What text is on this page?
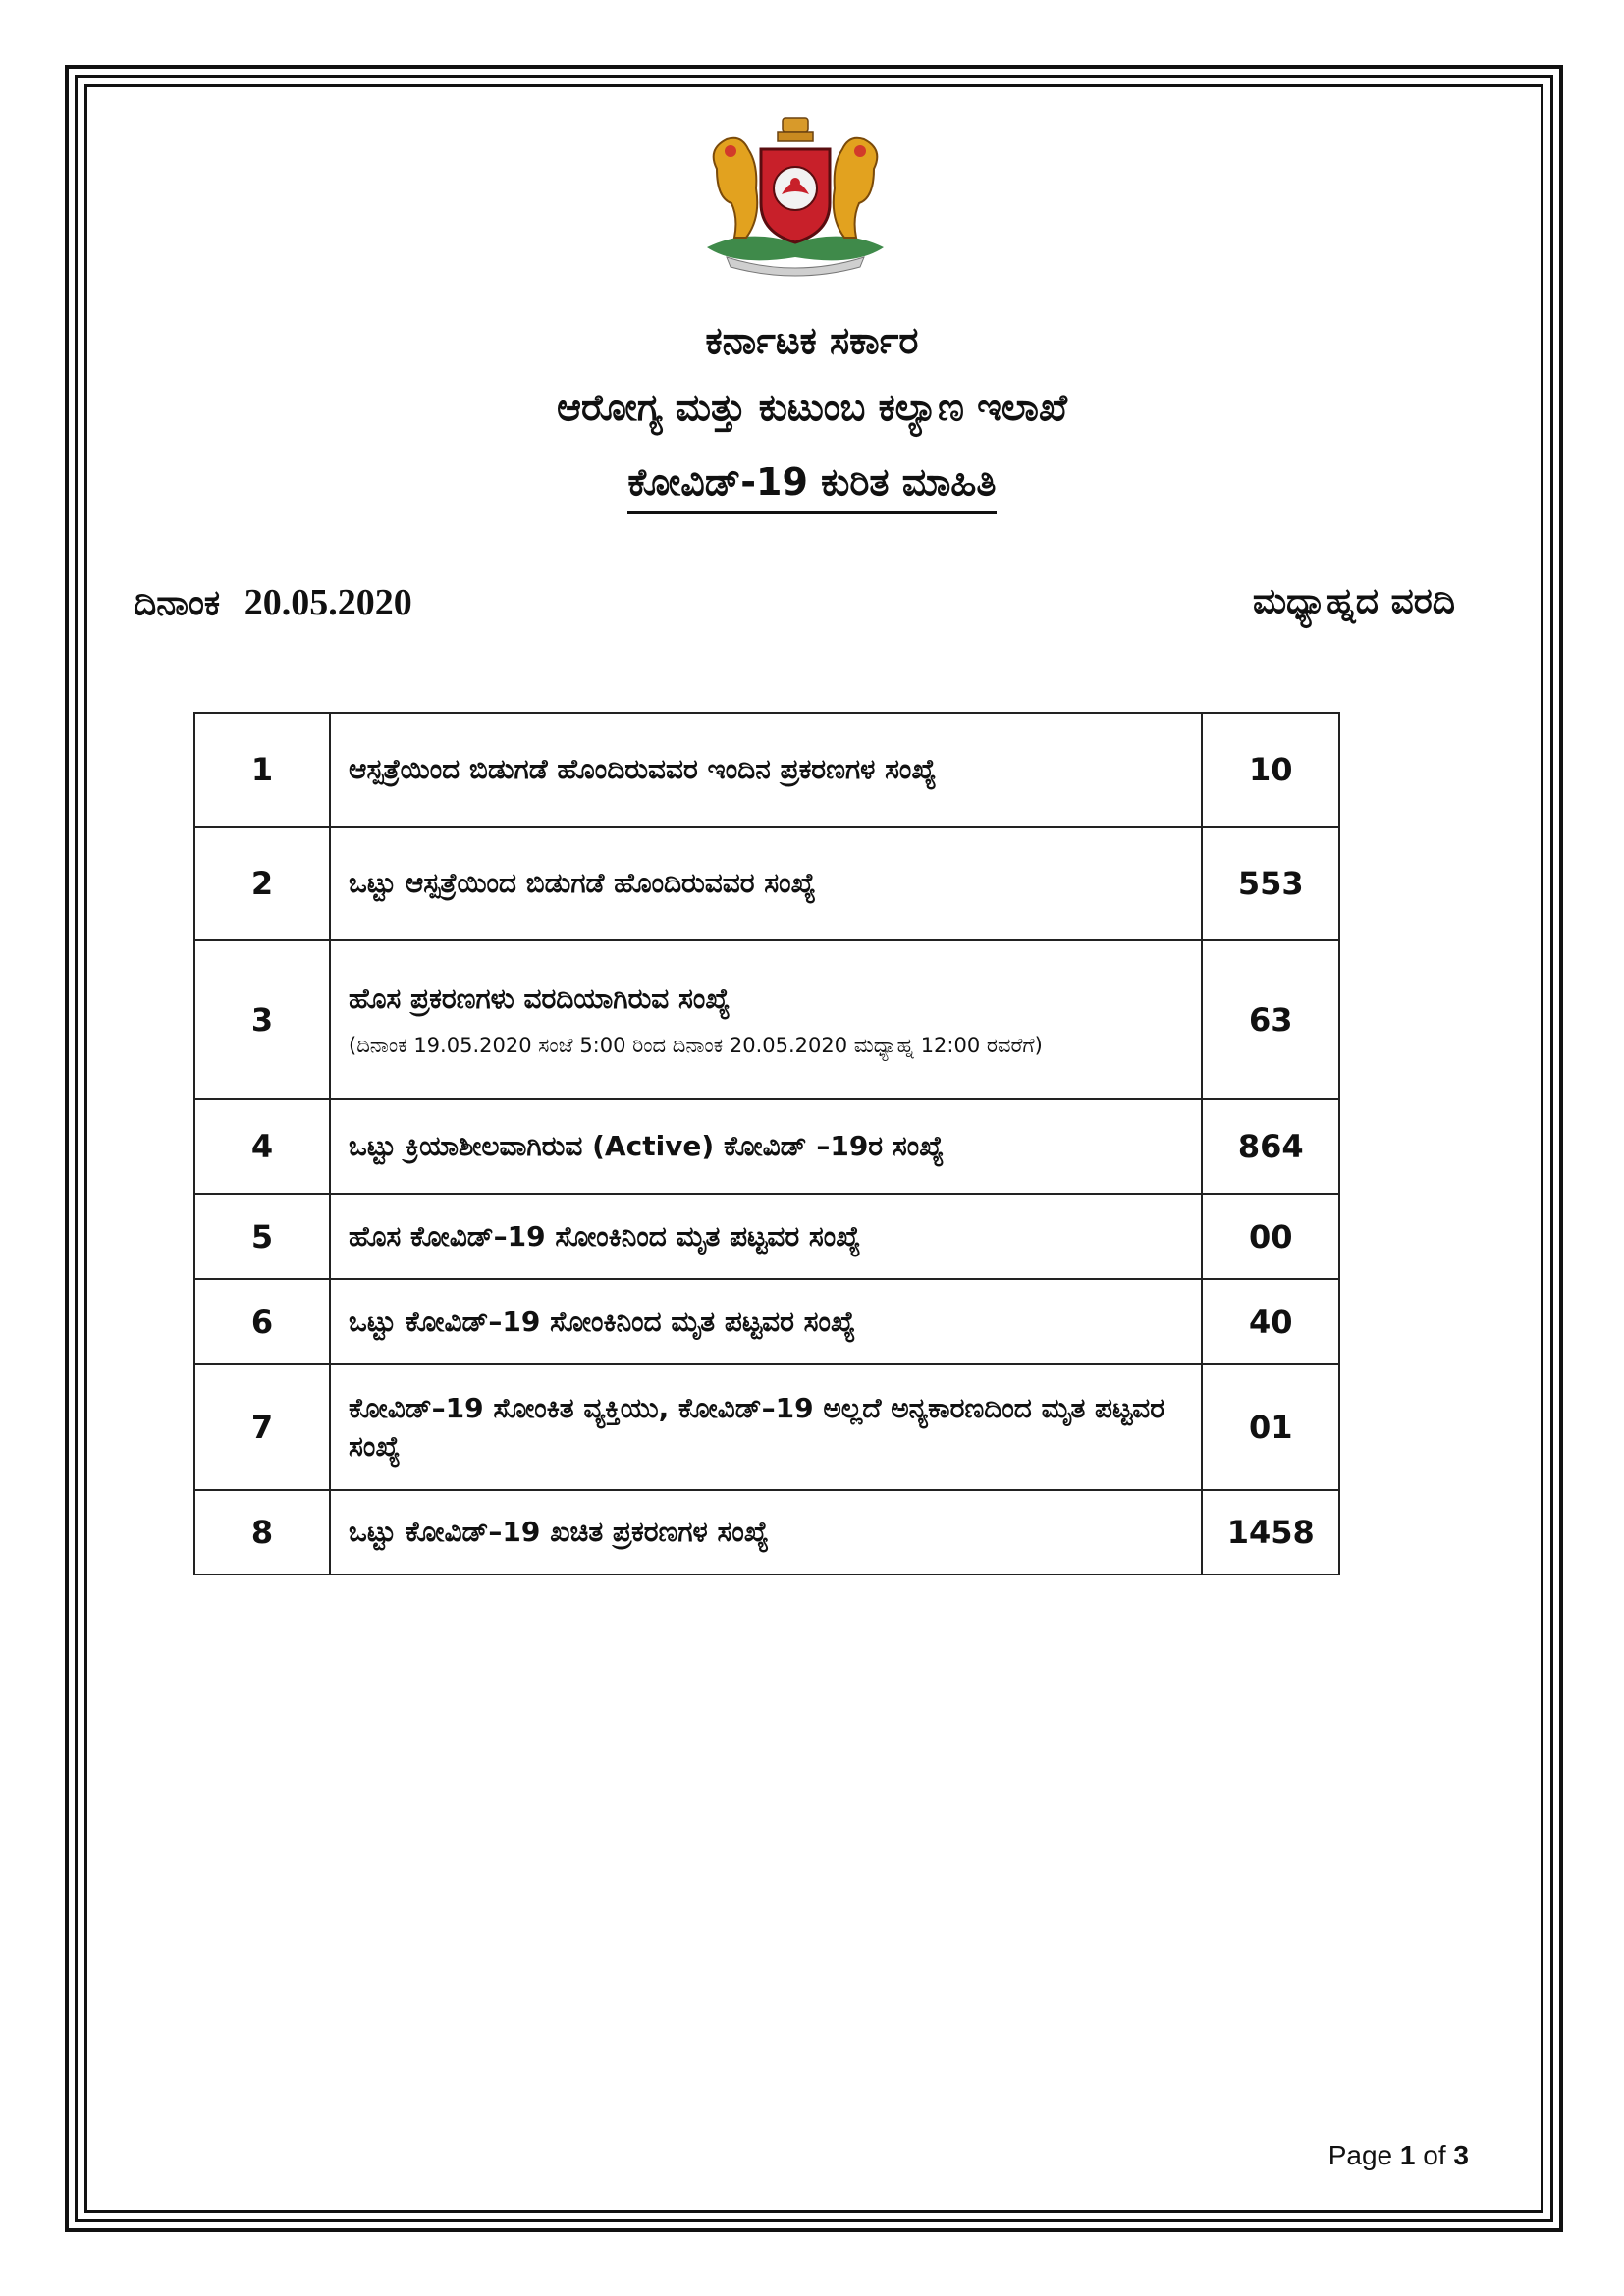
ಕರ್ನಾಟಕ ಸರ್ಕಾರ
ಆರೋಗ್ಯ ಮತ್ತು ಕುಟುಂಬ ಕಲ್ಯಾಣ ಇಲಾಖೆ
ಕೋವಿಡ್-19 ಕುರಿತ ಮಾಹಿತಿ
ದಿನಾಂಕ 20.05.2020	ಮಧ್ಯಾಹ್ನದ ವರದಿ
1	ಆಸ್ಪತ್ರೆಯಿಂದ ಬಿಡುಗಡೆ ಹೊಂದಿರುವವರ ಇಂದಿನ ಪ್ರಕರಣಗಳ ಸಂಖ್ಯೆ	10
2	ಒಟ್ಟು ಆಸ್ಪತ್ರೆಯಿಂದ ಬಿಡುಗಡೆ ಹೊಂದಿರುವವರ ಸಂಖ್ಯೆ	553
3	ಹೊಸ ಪ್ರಕರಣಗಳು ವರದಿಯಾಗಿರುವ ಸಂಖ್ಯೆ
(ದಿನಾಂಕ 19.05.2020 ಸಂಜೆ 5:00 ರಿಂದ ದಿನಾಂಕ 20.05.2020 ಮಧ್ಯಾಹ್ನ 12:00 ರವರೆಗೆ)	63
4	ಒಟ್ಟು ಕ್ರಿಯಾಶೀಲವಾಗಿರುವ (Active) ಕೋವಿಡ್ –19ರ ಸಂಖ್ಯೆ	864
5	ಹೊಸ ಕೋವಿಡ್–19 ಸೋಂಕಿನಿಂದ ಮೃತ ಪಟ್ಟವರ ಸಂಖ್ಯೆ	00
6	ಒಟ್ಟು ಕೋವಿಡ್–19 ಸೋಂಕಿನಿಂದ ಮೃತ ಪಟ್ಟವರ ಸಂಖ್ಯೆ	40
7	ಕೋವಿಡ್–19 ಸೋಂಕಿತ ವ್ಯಕ್ತಿಯು, ಕೋವಿಡ್–19 ಅಲ್ಲದೆ ಅನ್ಯಕಾರಣದಿಂದ ಮೃತ ಪಟ್ಟವರ ಸಂಖ್ಯೆ	01
8	ಒಟ್ಟು ಕೋವಿಡ್–19 ಖಚಿತ ಪ್ರಕರಣಗಳ ಸಂಖ್ಯೆ	1458
Page 1 of 3
